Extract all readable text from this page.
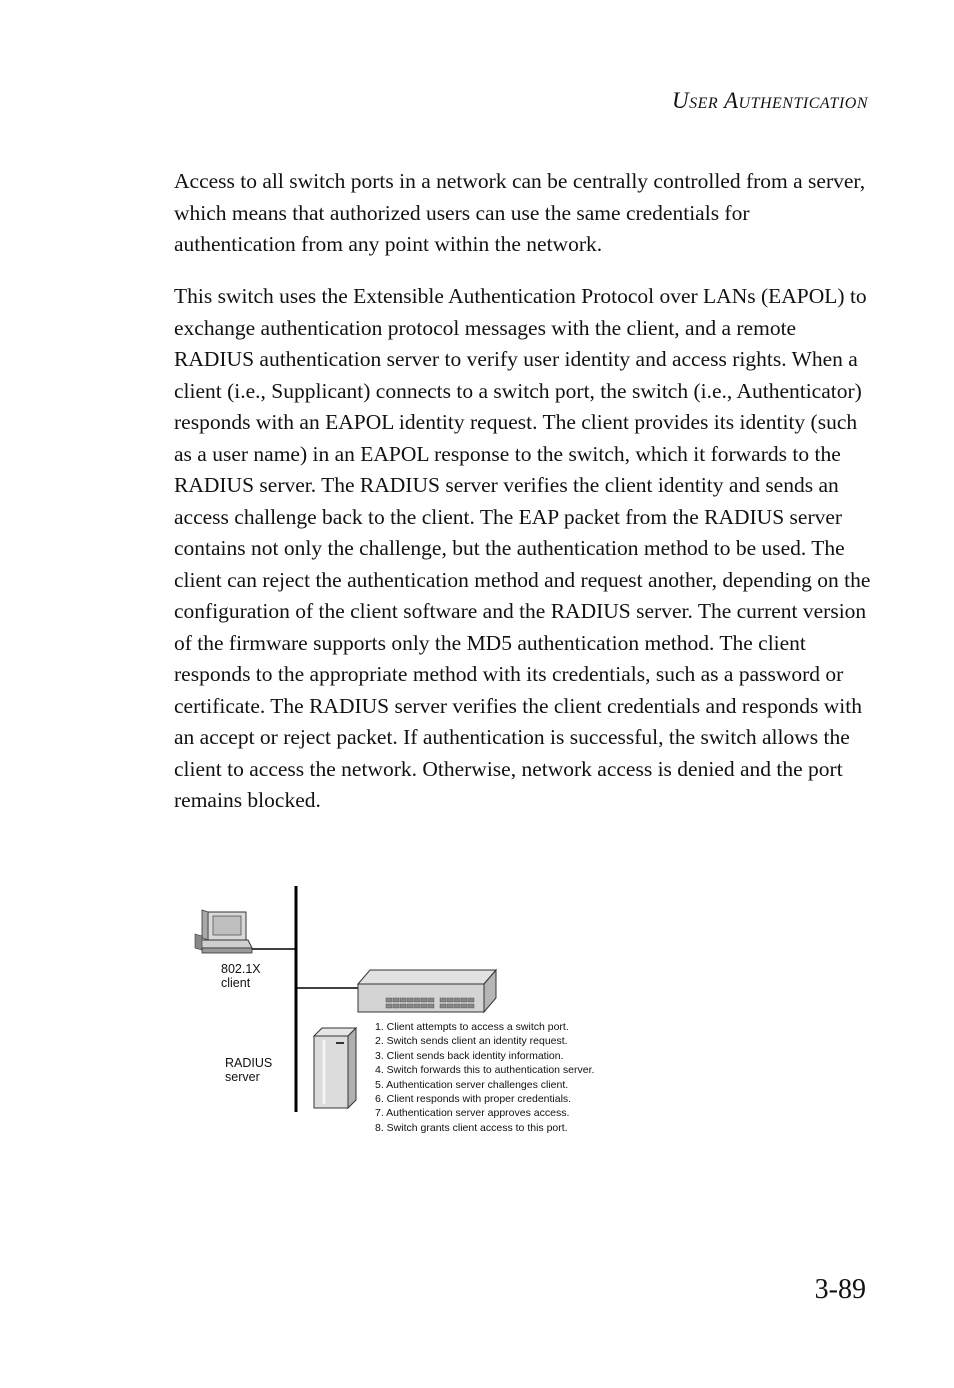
User Authentication

Access to all switch ports in a network can be centrally controlled from a server, which means that authorized users can use the same credentials for authentication from any point within the network.

This switch uses the Extensible Authentication Protocol over LANs (EAPOL) to exchange authentication protocol messages with the client, and a remote RADIUS authentication server to verify user identity and access rights. When a client (i.e., Supplicant) connects to a switch port, the switch (i.e., Authenticator) responds with an EAPOL identity request. The client provides its identity (such as a user name) in an EAPOL response to the switch, which it forwards to the RADIUS server. The RADIUS server verifies the client identity and sends an access challenge back to the client. The EAP packet from the RADIUS server contains not only the challenge, but the authentication method to be used. The client can reject the authentication method and request another, depending on the configuration of the client software and the RADIUS server. The current version of the firmware supports only the MD5 authentication method. The client responds to the appropriate method with its credentials, such as a password or certificate. The RADIUS server verifies the client credentials and responds with an accept or reject packet. If authentication is successful, the switch allows the client to access the network. Otherwise, network access is denied and the port remains blocked.

802.1X
client
RADIUS
server
1. Client attempts to access a switch port.
2. Switch sends client an identity request.
3. Client sends back identity information.
4. Switch forwards this to authentication server.
5. Authentication server challenges client.
6. Client responds with proper credentials.
7. Authentication server approves access.
8. Switch grants client access to this port.
3-89
